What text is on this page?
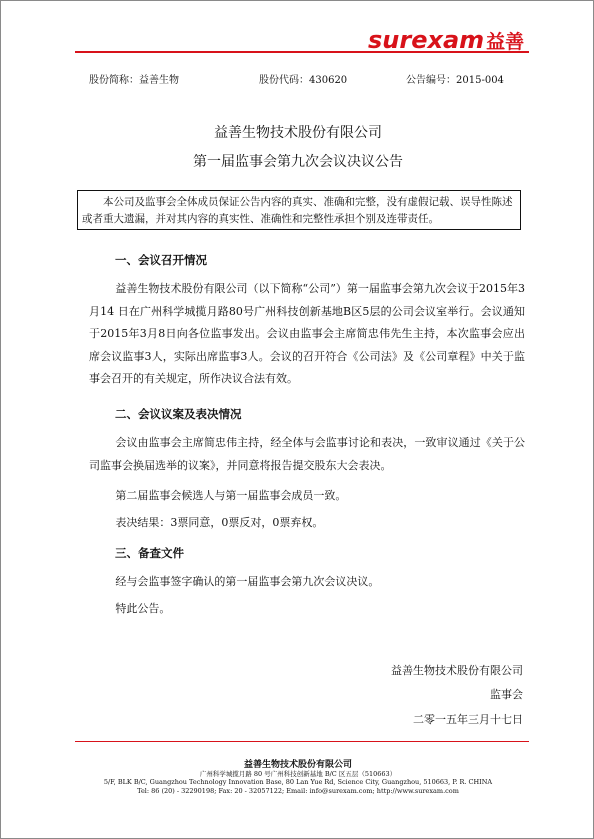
surexam 益善
股份简称：益善生物	股份代码：430620	公告编号：2015-004
益善生物技术股份有限公司
第一届监事会第九次会议决议公告
本公司及监事会全体成员保证公告内容的真实、准确和完整，没有虚假记载、误导性陈述或者重大遗漏，并对其内容的真实性、准确性和完整性承担个别及连带责任。
一、会议召开情况
益善生物技术股份有限公司（以下简称“公司”）第一届监事会第九次会议于2015年3月14 日在广州科学城揽月路80号广州科技创新基地B区5层的公司会议室举行。会议通知于2015年3月8日向各位监事发出。会议由监事会主席简忠伟先生主持，本次监事会应出席会议监事3人，实际出席监事3人。会议的召开符合《公司法》及《公司章程》中关于监事会召开的有关规定，所作决议合法有效。
二、会议议案及表决情况
会议由监事会主席简忠伟主持，经全体与会监事讨论和表决，一致审议通过《关于公司监事会换届选举的议案》，并同意将报告提交股东大会表决。
第二届监事会候选人与第一届监事会成员一致。
表决结果：3票同意，0票反对，0票弃权。
三、备查文件
经与会监事签字确认的第一届监事会第九次会议决议。
特此公告。
益善生物技术股份有限公司
监事会
二零一五年三月十七日
益善生物技术股份有限公司
广州科学城揽月路 80 号广州科技创新基地 B/C 区五层（510663）
5/F, BLK B/C, Guangzhou Technology Innovation Base, 80 Lan Yue Rd, Science City, Guangzhou, 510663, P. R. CHINA
Tel: 86 (20) - 32290198; Fax: 20 - 32057122; Email: info@surexam.com; http://www.surexam.com
